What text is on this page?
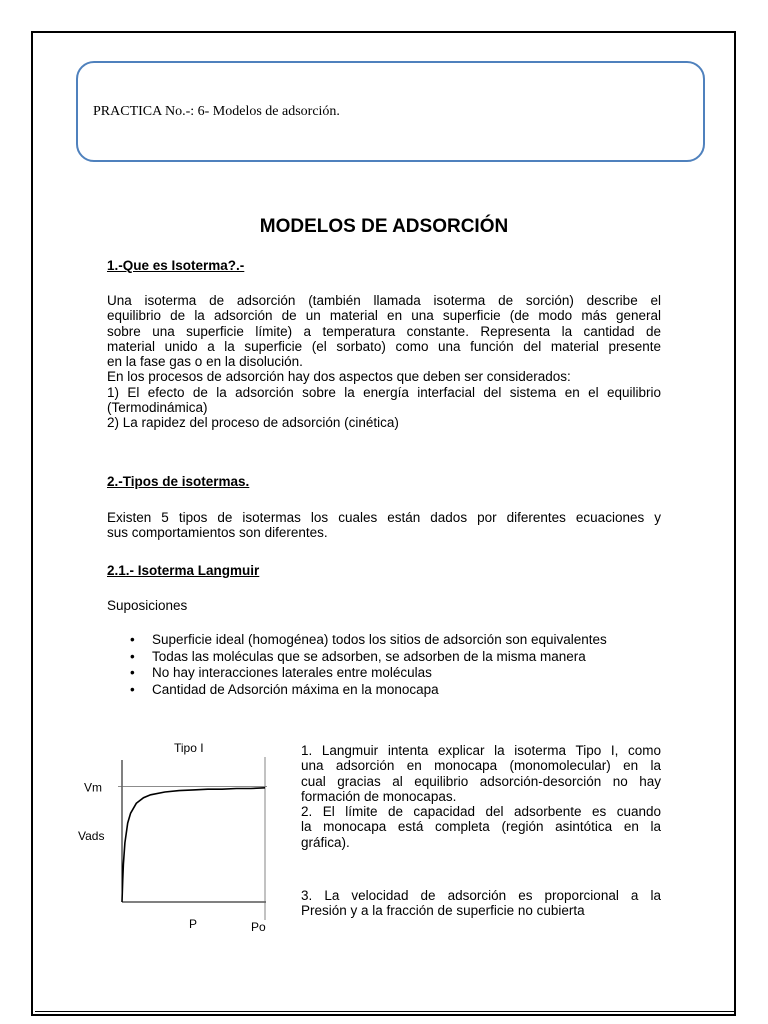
PRACTICA No.-: 6- Modelos de adsorción.
MODELOS DE ADSORCIÓN
1.-Que es Isoterma?.-

Una isoterma de adsorción (también llamada isoterma de sorción) describe el

equilibrio de la adsorción de un material en una superficie (de modo más general

sobre una superficie límite) a temperatura constante. Representa la cantidad de

material unido a la superficie (el sorbato) como una función del material presente

en la fase gas o en la disolución.

En los procesos de adsorción hay dos aspectos que deben ser considerados:

1) El efecto de la adsorción sobre la energía interfacial del sistema en el equilibrio

(Termodinámica)

2) La rapidez del proceso de adsorción (cinética)

2.-Tipos de isotermas.

Existen 5 tipos de isotermas los cuales están dados por diferentes ecuaciones y

sus comportamientos son diferentes.

2.1.- Isoterma Langmuir
Suposiciones
• Superficie ideal (homogénea) todos los sitios de adsorción son equivalentes
• Todas las moléculas que se adsorben, se adsorben de la misma manera
• No hay interacciones laterales entre moléculas
• Cantidad de Adsorción máxima en la monocapa
Tipo I
Vm
Vads
P	Po

1. Langmuir intenta explicar la isoterma Tipo I, como

una adsorción en monocapa (monomolecular) en la

cual gracias al equilibrio adsorción-desorción no hay

formación de monocapas.

2. El límite de capacidad del adsorbente es cuando

la monocapa está completa (región asintótica en la

gráfica).

3. La velocidad de adsorción es proporcional a la

Presión y a la fracción de superficie no cubierta
